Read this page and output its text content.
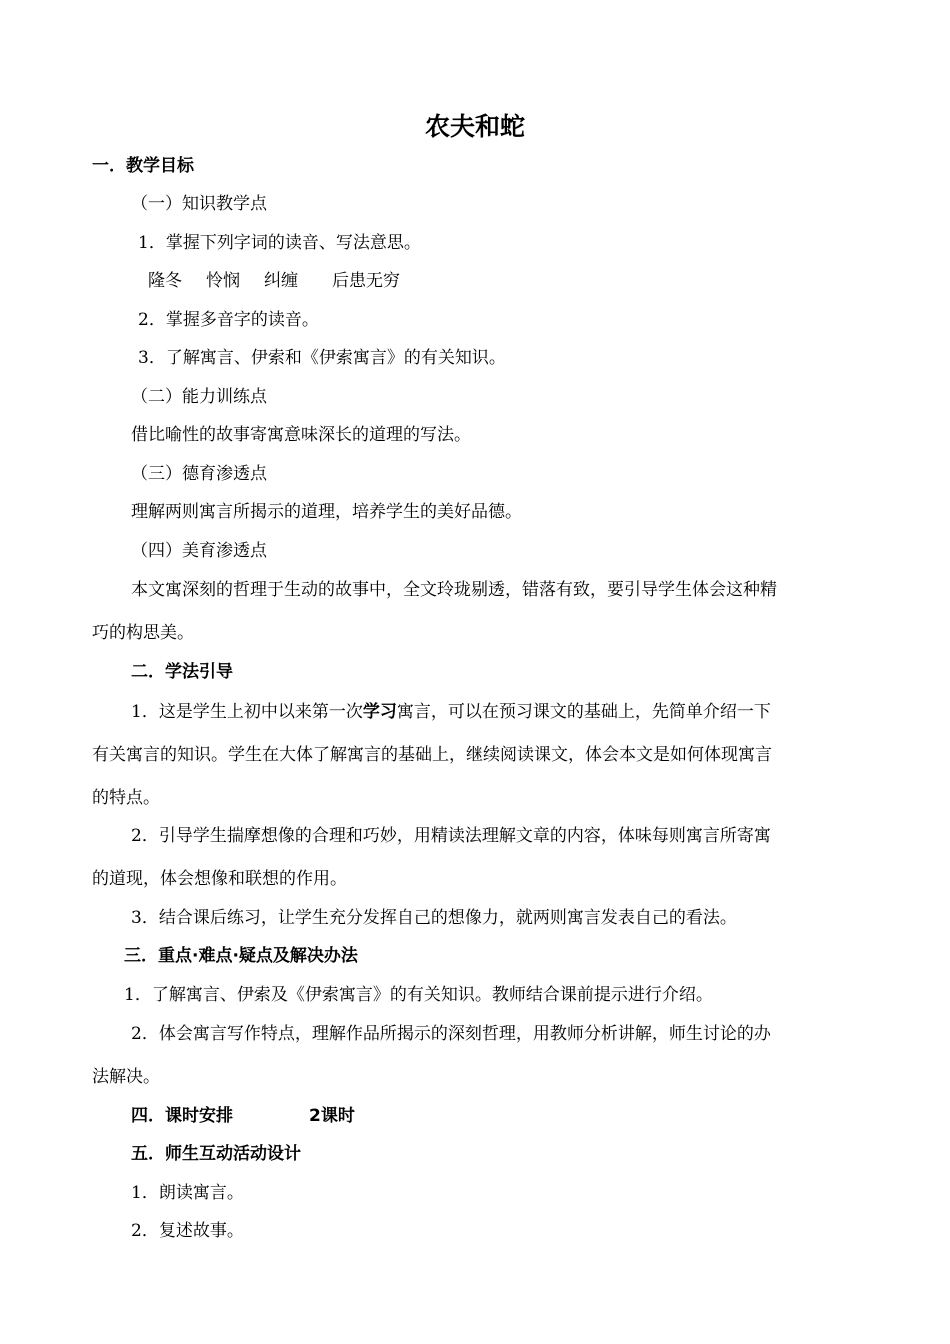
农夫和蛇
一．教学目标
（一）知识教学点
1．掌握下列字词的读音、写法意思。
隆冬 怜悯 纠缠 后患无穷
2．掌握多音字的读音。
3．了解寓言、伊索和《伊索寓言》的有关知识。
（二）能力训练点
借比喻性的故事寄寓意味深长的道理的写法。
（三）德育渗透点
理解两则寓言所揭示的道理，培养学生的美好品德。
（四）美育渗透点
本文寓深刻的哲理于生动的故事中，全文玲珑剔透，错落有致，要引导学生体会这种精
巧的构思美。
二．学法引导
1．这是学生上初中以来第一次学习寓言，可以在预习课文的基础上，先简单介绍一下
有关寓言的知识。学生在大体了解寓言的基础上，继续阅读课文，体会本文是如何体现寓言
的特点。
2．引导学生揣摩想像的合理和巧妙，用精读法理解文章的内容，体味每则寓言所寄寓
的道现，体会想像和联想的作用。
3．结合课后练习，让学生充分发挥自己的想像力，就两则寓言发表自己的看法。
三．重点·难点·疑点及解决办法
1．了解寓言、伊索及《伊索寓言》的有关知识。教师结合课前提示进行介绍。
2．体会寓言写作特点，理解作品所揭示的深刻哲理，用教师分析讲解，师生讨论的办
法解决。
四．课时安排	2课时
五．师生互动活动设计
1．朗读寓言。
2．复述故事。
